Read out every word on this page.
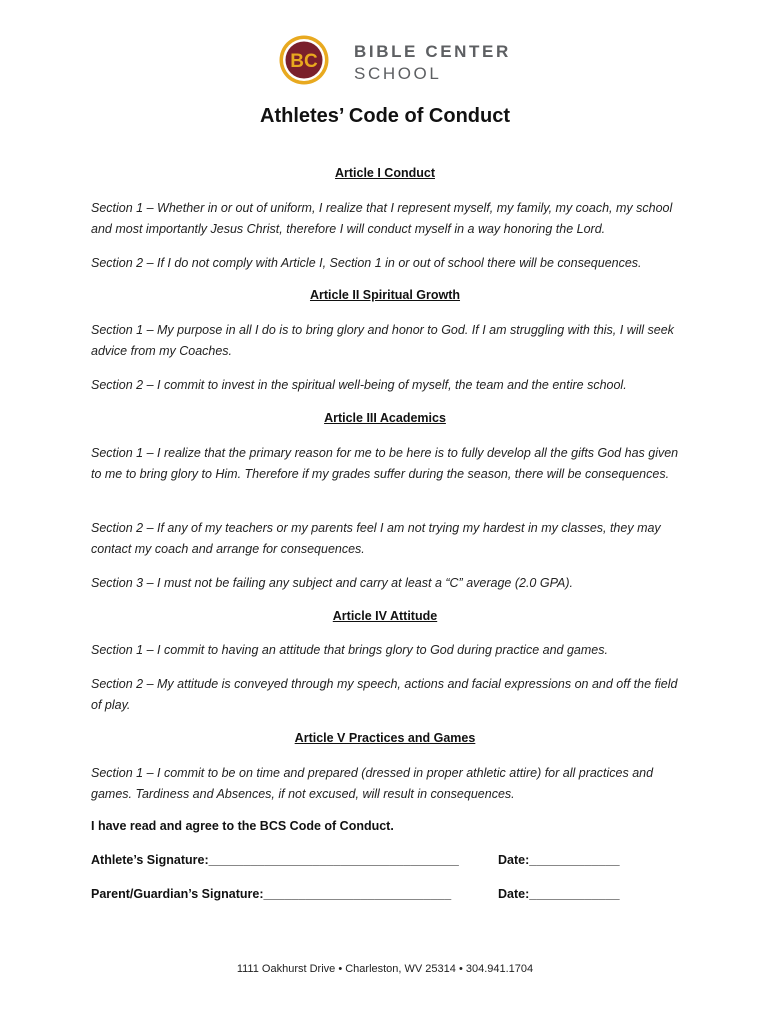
BC BIBLE CENTER
SCHOOL
Athletes’ Code of Conduct
Article I Conduct
Section 1 – Whether in or out of uniform, I realize that I represent myself, my family, my coach, my school and most importantly Jesus Christ, therefore I will conduct myself in a way honoring the Lord.
Section 2 – If I do not comply with Article I, Section 1 in or out of school there will be consequences.
Article II Spiritual Growth
Section 1 – My purpose in all I do is to bring glory and honor to God. If I am struggling with this, I will seek advice from my Coaches.
Section 2 – I commit to invest in the spiritual well-being of myself, the team and the entire school.
Article III Academics
Section 1 – I realize that the primary reason for me to be here is to fully develop all the gifts God has given to me to bring glory to Him. Therefore if my grades suffer during the season, there will be consequences.
Section 2 – If any of my teachers or my parents feel I am not trying my hardest in my classes, they may contact my coach and arrange for consequences.
Section 3 – I must not be failing any subject and carry at least a “C” average (2.0 GPA).
Article IV Attitude
Section 1 – I commit to having an attitude that brings glory to God during practice and games.
Section 2 – My attitude is conveyed through my speech, actions and facial expressions on and off the field of play.
Article V Practices and Games
Section 1 – I commit to be on time and prepared (dressed in proper athletic attire) for all practices and games. Tardiness and Absences, if not excused, will result in consequences.
I have read and agree to the BCS Code of Conduct.
Athlete’s Signature:____________________________________	Date:_____________
Parent/Guardian’s Signature:___________________________	Date:_____________
1111 Oakhurst Drive • Charleston, WV 25314 • 304.941.1704
